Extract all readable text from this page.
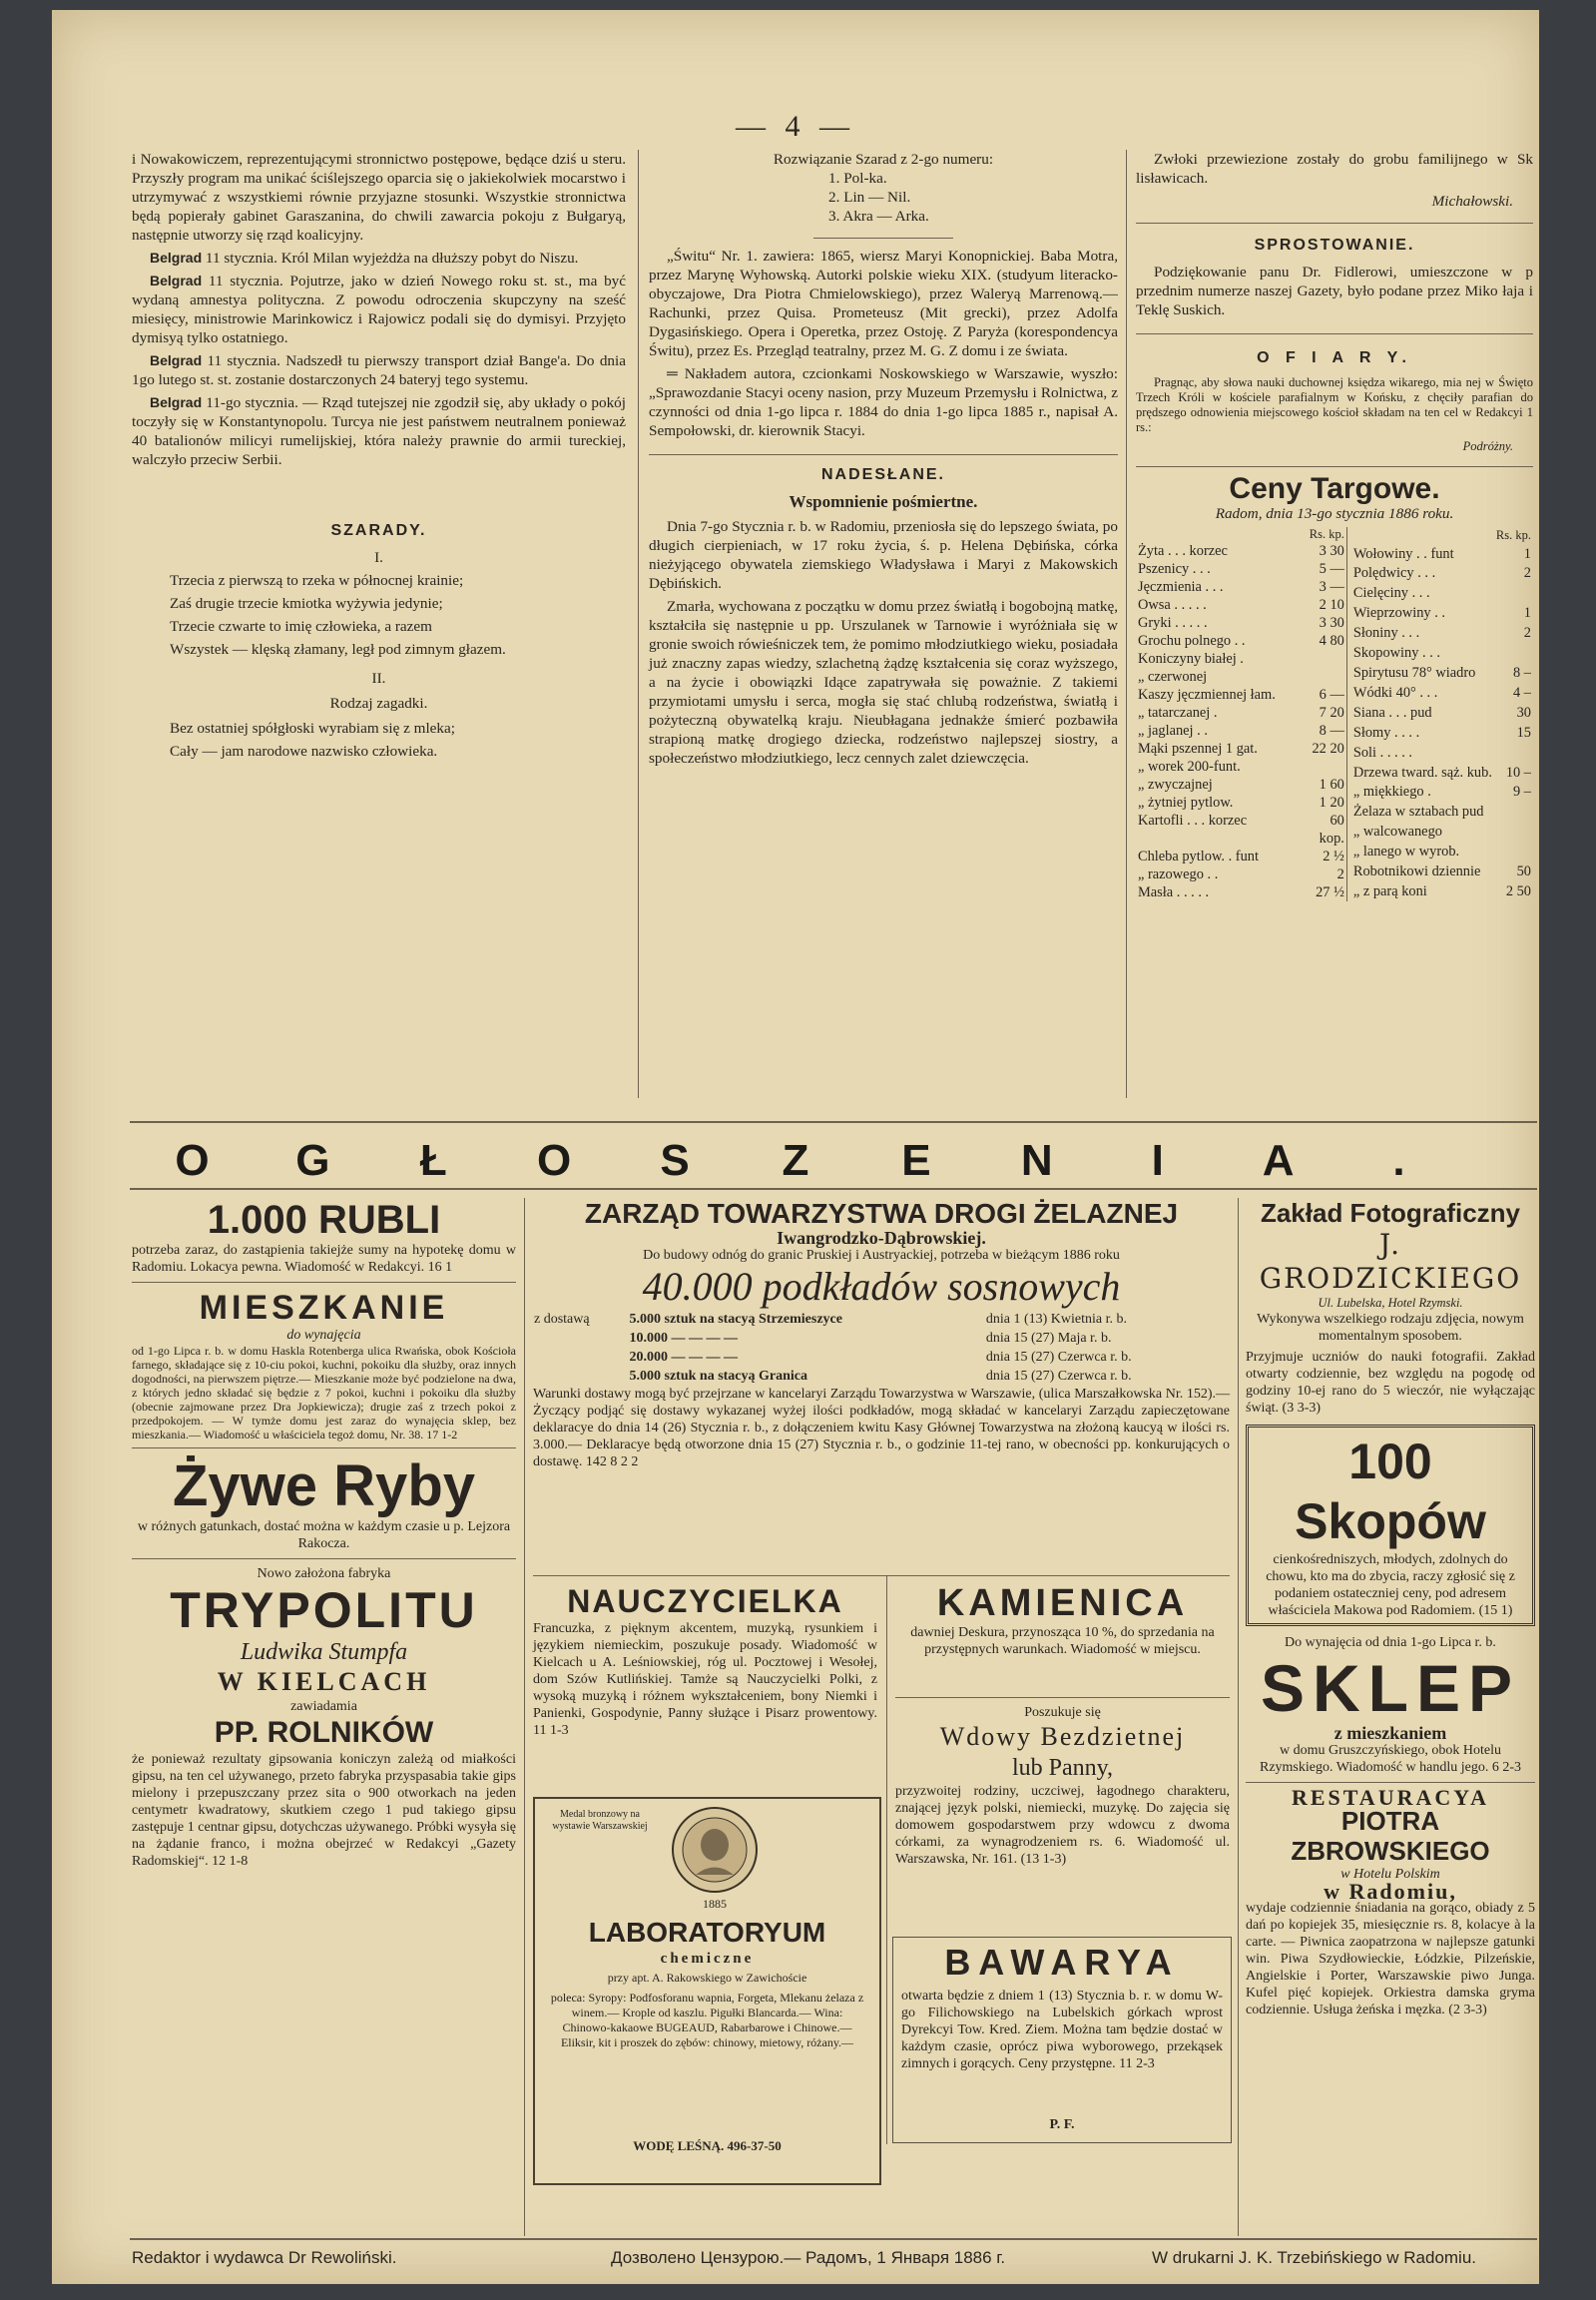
— 4 —

i Nowakowiczem, reprezentującymi stronnictwo postępowe, będące dziś u steru. Przyszły program ma unikać ściślejszego oparcia się o jakiekolwiek mocarstwo i utrzymywać z wszystkiemi równie przyjazne stosunki. Wszystkie stronnictwa będą popierały gabinet Garaszanina, do chwili zawarcia pokoju z Bułgaryą, następnie utworzy się rząd koalicyjny.

Belgrad 11 stycznia. Król Milan wyjeżdża na dłuższy pobyt do Niszu.

Belgrad 11 stycznia. Pojutrze, jako w dzień Nowego roku st. st., ma być wydaną amnestya polityczna. Z powodu odroczenia skupczyny na sześć miesięcy, ministrowie Marinkowicz i Rajowicz podali się do dymisyi. Przyjęto dymisyą tylko ostatniego.

Belgrad 11 stycznia. Nadszedł tu pierwszy transport dział Bange'a. Do dnia 1go lutego st. st. zostanie dostarczonych 24 bateryj tego systemu.

Belgrad 11-go stycznia. — Rząd tutejszej nie zgodził się, aby układy o pokój toczyły się w Konstantynopolu. Turcya nie jest państwem neutralnem ponieważ 40 batalionów milicyi rumelijskiej, która należy prawnie do armii tureckiej, walczyło przeciw Serbii.

SZARADY.
I.

Trzecia z pierwszą to rzeka w północnej krainie;

Zaś drugie trzecie kmiotka wyżywia jedynie;

Trzecie czwarte to imię człowieka, a razem

Wszystek — klęską złamany, legł pod zimnym głazem.

II.
Rodzaj zagadki.

Bez ostatniej spółgłoski wyrabiam się z mleka;

Cały — jam narodowe nazwisko człowieka.

Rozwiązanie Szarad z 2-go numeru:
1. Pol-ka.
2. Lin — Nil.
3. Akra — Arka.

„Świtu“ Nr. 1. zawiera: 1865, wiersz Maryi Konopnickiej. Baba Motra, przez Marynę Wyhowską. Autorki polskie wieku XIX. (studyum literacko-obyczajowe, Dra Piotra Chmielowskiego), przez Waleryą Marrenową.— Rachunki, przez Quisa. Prometeusz (Mit grecki), przez Adolfa Dygasińskiego. Opera i Operetka, przez Ostoję. Z Paryża (korespondencya Świtu), przez Es. Przegląd teatralny, przez M. G. Z domu i ze świata.

═ Nakładem autora, czcionkami Noskowskiego w Warszawie, wyszło: „Sprawozdanie Stacyi oceny nasion, przy Muzeum Przemysłu i Rolnictwa, z czynności od dnia 1-go lipca r. 1884 do dnia 1-go lipca 1885 r., napisał A. Sempołowski, dr. kierownik Stacyi.

NADESŁANE.
Wspomnienie pośmiertne.

Dnia 7-go Stycznia r. b. w Radomiu, przeniosła się do lepszego świata, po długich cierpieniach, w 17 roku życia, ś. p. Helena Dębińska, córka nieżyjącego obywatela ziemskiego Władysława i Maryi z Makowskich Dębińskich.

Zmarła, wychowana z początku w domu przez światłą i bogobojną matkę, kształciła się następnie u pp. Urszulanek w Tarnowie i wyróżniała się w gronie swoich rówieśniczek tem, że pomimo młodziutkiego wieku, posiadała już znaczny zapas wiedzy, szlachetną żądzę kształcenia się coraz wyższego, a na życie i obowiązki Idące zapatrywała się poważnie. Z takiemi przymiotami umysłu i serca, mogła się stać chlubą rodzeństwa, światłą i pożyteczną obywatelką kraju. Nieubłagana jednakże śmierć pozbawiła strapioną matkę drogiego dziecka, rodzeństwo najlepszej siostry, a społeczeństwo młodziutkiego, lecz cennych zalet dziewczęcia.

Zwłoki przewiezione zostały do grobu familijnego w Sk lisławicach.

Michałowski.
SPROSTOWANIE.

Podziękowanie panu Dr. Fidlerowi, umieszczone w p przednim numerze naszej Gazety, było podane przez Miko łaja i Teklę Suskich.

O F I A R Y.

Pragnąc, aby słowa nauki duchownej księdza wikarego, mia nej w Święto Trzech Króli w kościele parafialnym w Końsku, z chęciły parafian do prędszego odnowienia miejscowego kościoł składam na ten cel w Redakcyi 1 rs.:

Podróżny.
Ceny Targowe.
Radom, dnia 13-go stycznia 1886 roku.
	Rs. kp.
Żyta . . . korzec	3 30
Pszenicy . . .	5 —
Jęczmienia . . .	3 —
Owsa . . . . .	2 10
Gryki . . . . .	3 30
Grochu polnego . .	4 80
Koniczyny białej .	
„ czerwonej	
Kaszy jęczmiennej łam.	6 —
„ tatarczanej .	7 20
„ jaglanej . .	8 —
Mąki pszennej 1 gat.	22 20
„ worek 200-funt.	
„ zwyczajnej	1 60
„ żytniej pytlow.	1 20
Kartofli . . . korzec	60
	kop.
Chleba pytlow. . funt	2 ½
„ razowego . .	2
Masła . . . . .	27 ½
	Rs. kp.
Wołowiny . . funt	1
Polędwicy . . .	2
Cielęciny . . .	
Wieprzowiny . .	1
Słoniny . . .	2
Skopowiny . . .	
Spirytusu 78° wiadro	8 –
Wódki 40° . . .	4 –
Siana . . . pud	30
Słomy . . . .	15
Soli . . . . .	
Drzewa tward. sąż. kub.	10 –
„ miękkiego .	9 –
Żelaza w sztabach pud	
„ walcowanego	
„ lanego w wyrob.	

Robotnikowi dziennie	50
„ z parą koni	2 50
O G Ł O S Z E N I A .
1.000 RUBLI
potrzeba zaraz, do zastąpienia takiejże sumy na hypotekę domu w Radomiu. Lokacya pewna. Wiadomość w Redakcyi. 16 1
MIESZKANIE
do wynajęcia
od 1-go Lipca r. b. w domu Haskla Rotenberga ulica Rwańska, obok Kościoła farnego, składające się z 10-ciu pokoi, kuchni, pokoiku dla służby, oraz innych dogodności, na pierwszem piętrze.— Mieszkanie może być podzielone na dwa, z których jedno składać się będzie z 7 pokoi, kuchni i pokoiku dla służby (obecnie zajmowane przez Dra Jopkiewicza); drugie zaś z trzech pokoi z przedpokojem. — W tymże domu jest zaraz do wynajęcia sklep, bez mieszkania.— Wiadomość u właściciela tegoż domu, Nr. 38. 17 1-2
Żywe Ryby
w różnych gatunkach, dostać można w każdym czasie u p. Lejzora Rakocza.
Nowo założona fabryka
TRYPOLITU
Ludwika Stumpfa
W KIELCACH
zawiadamia
PP. ROLNIKÓW
że ponieważ rezultaty gipsowania koniczyn zależą od miałkości gipsu, na ten cel używanego, przeto fabryka przyspasabia takie gips mielony i przepuszczany przez sita o 900 otworkach na jeden centymetr kwadratowy, skutkiem czego 1 pud takiego gipsu zastępuje 1 centnar gipsu, dotychczas używanego. Próbki wysyła się na żądanie franco, i można obejrzeć w Redakcyi „Gazety Radomskiej“. 12 1-8
ZARZĄD TOWARZYSTWA DROGI ŻELAZNEJ
Iwangrodzko-Dąbrowskiej.
Do budowy odnóg do granic Pruskiej i Austryackiej, potrzeba w bieżącym 1886 roku
40.000 podkładów sosnowych
z dostawą	5.000 sztuk na stacyą Strzemieszyce	dnia 1 (13) Kwietnia r. b.
	10.000 — — — —	dnia 15 (27) Maja r. b.
	20.000 — — — —	dnia 15 (27) Czerwca r. b.
	5.000 sztuk na stacyą Granica	dnia 15 (27) Czerwca r. b.
Warunki dostawy mogą być przejrzane w kancelaryi Zarządu Towarzystwa w Warszawie, (ulica Marszałkowska Nr. 152).— Życzący podjąć się dostawy wykazanej wyżej ilości podkładów, mogą składać w kancelaryi Zarządu zapieczętowane deklaracye do dnia 14 (26) Stycznia r. b., z dołączeniem kwitu Kasy Głównej Towarzystwa na złożoną kaucyą w ilości rs. 3.000.— Deklaracye będą otworzone dnia 15 (27) Stycznia r. b., o godzinie 11-tej rano, w obecności pp. konkurujących o dostawę. 142 8 2 2
NAUCZYCIELKA
Francuzka, z pięknym akcentem, muzyką, rysunkiem i językiem niemieckim, poszukuje posady. Wiadomość w Kielcach u A. Leśniowskiej, róg ul. Pocztowej i Wesołej, dom Szów Kutlińskiej. Tamże są Nauczycielki Polki, z wysoką muzyką i różnem wykształceniem, bony Niemki i Panienki, Gospodynie, Panny służące i Pisarz prowentowy. 11 1-3
KAMIENICA
dawniej Deskura, przynosząca 10 %, do sprzedania na przystępnych warunkach. Wiadomość w miejscu.
Medal bronzowy na wystawie Warszawskiej
1885
LABORATORYUM
chemiczne
przy apt. A. Rakowskiego w Zawichoście
poleca: Syropy: Podfosforanu wapnia, Forgeta, Mlekanu żelaza z winem.— Krople od kaszlu. Pigułki Blancarda.— Wina: Chinowo-kakaowe BUGEAUD, Rabarbarowe i Chinowe.— Eliksir, kit i proszek do zębów: chinowy, mietowy, różany.—
WODĘ LEŚNĄ. 496-37-50
Poszukuje się
Wdowy Bezdzietnej
lub Panny,
przyzwoitej rodziny, uczciwej, łagodnego charakteru, znającej język polski, niemiecki, muzykę. Do zajęcia się domowem gospodarstwem przy wdowcu z dwoma córkami, za wynagrodzeniem rs. 6. Wiadomość ul. Warszawska, Nr. 161. (13 1-3)
BAWARYA
otwarta będzie z dniem 1 (13) Stycznia b. r. w domu W-go Filichowskiego na Lubelskich górkach wprost Dyrekcyi Tow. Kred. Ziem. Można tam będzie dostać w każdym czasie, oprócz piwa wyborowego, przekąsek zimnych i gorących. Ceny przystępne. 11 2-3
P. F.
Zakład Fotograficzny
J. GRODZICKIEGO
Ul. Lubelska, Hotel Rzymski.
Wykonywa wszelkiego rodzaju zdjęcia, nowym momentalnym sposobem.
Przyjmuje uczniów do nauki fotografii. Zakład otwarty codziennie, bez względu na pogodę od godziny 10-ej rano do 5 wieczór, nie wyłączając świąt. (3 3-3)
100 Skopów
cienkośredniszych, młodych, zdolnych do chowu, kto ma do zbycia, raczy zgłosić się z podaniem ostateczniej ceny, pod adresem właściciela Makowa pod Radomiem. (15 1)
Do wynajęcia od dnia 1-go Lipca r. b.
SKLEP
z mieszkaniem
w domu Gruszczyńskiego, obok Hotelu Rzymskiego. Wiadomość w handlu jego. 6 2-3
RESTAURACYA
PIOTRA ZBROWSKIEGO
w Hotelu Polskim
w Radomiu,
wydaje codziennie śniadania na gorąco, obiady z 5 dań po kopiejek 35, miesięcznie rs. 8, kolacye à la carte. — Piwnica zaopatrzona w najlepsze gatunki win. Piwa Szydłowieckie, Łódzkie, Pilzeńskie, Angielskie i Porter, Warszawskie piwo Junga. Kufel pięć kopiejek. Orkiestra damska gryma codziennie. Usługa żeńska i męzka. (2 3-3)
Redaktor i wydawca Dr Rewoliński.	Дозволено Цензурою.— Радомъ, 1 Января 1886 г.	W drukarni J. K. Trzebińskiego w Radomiu.
